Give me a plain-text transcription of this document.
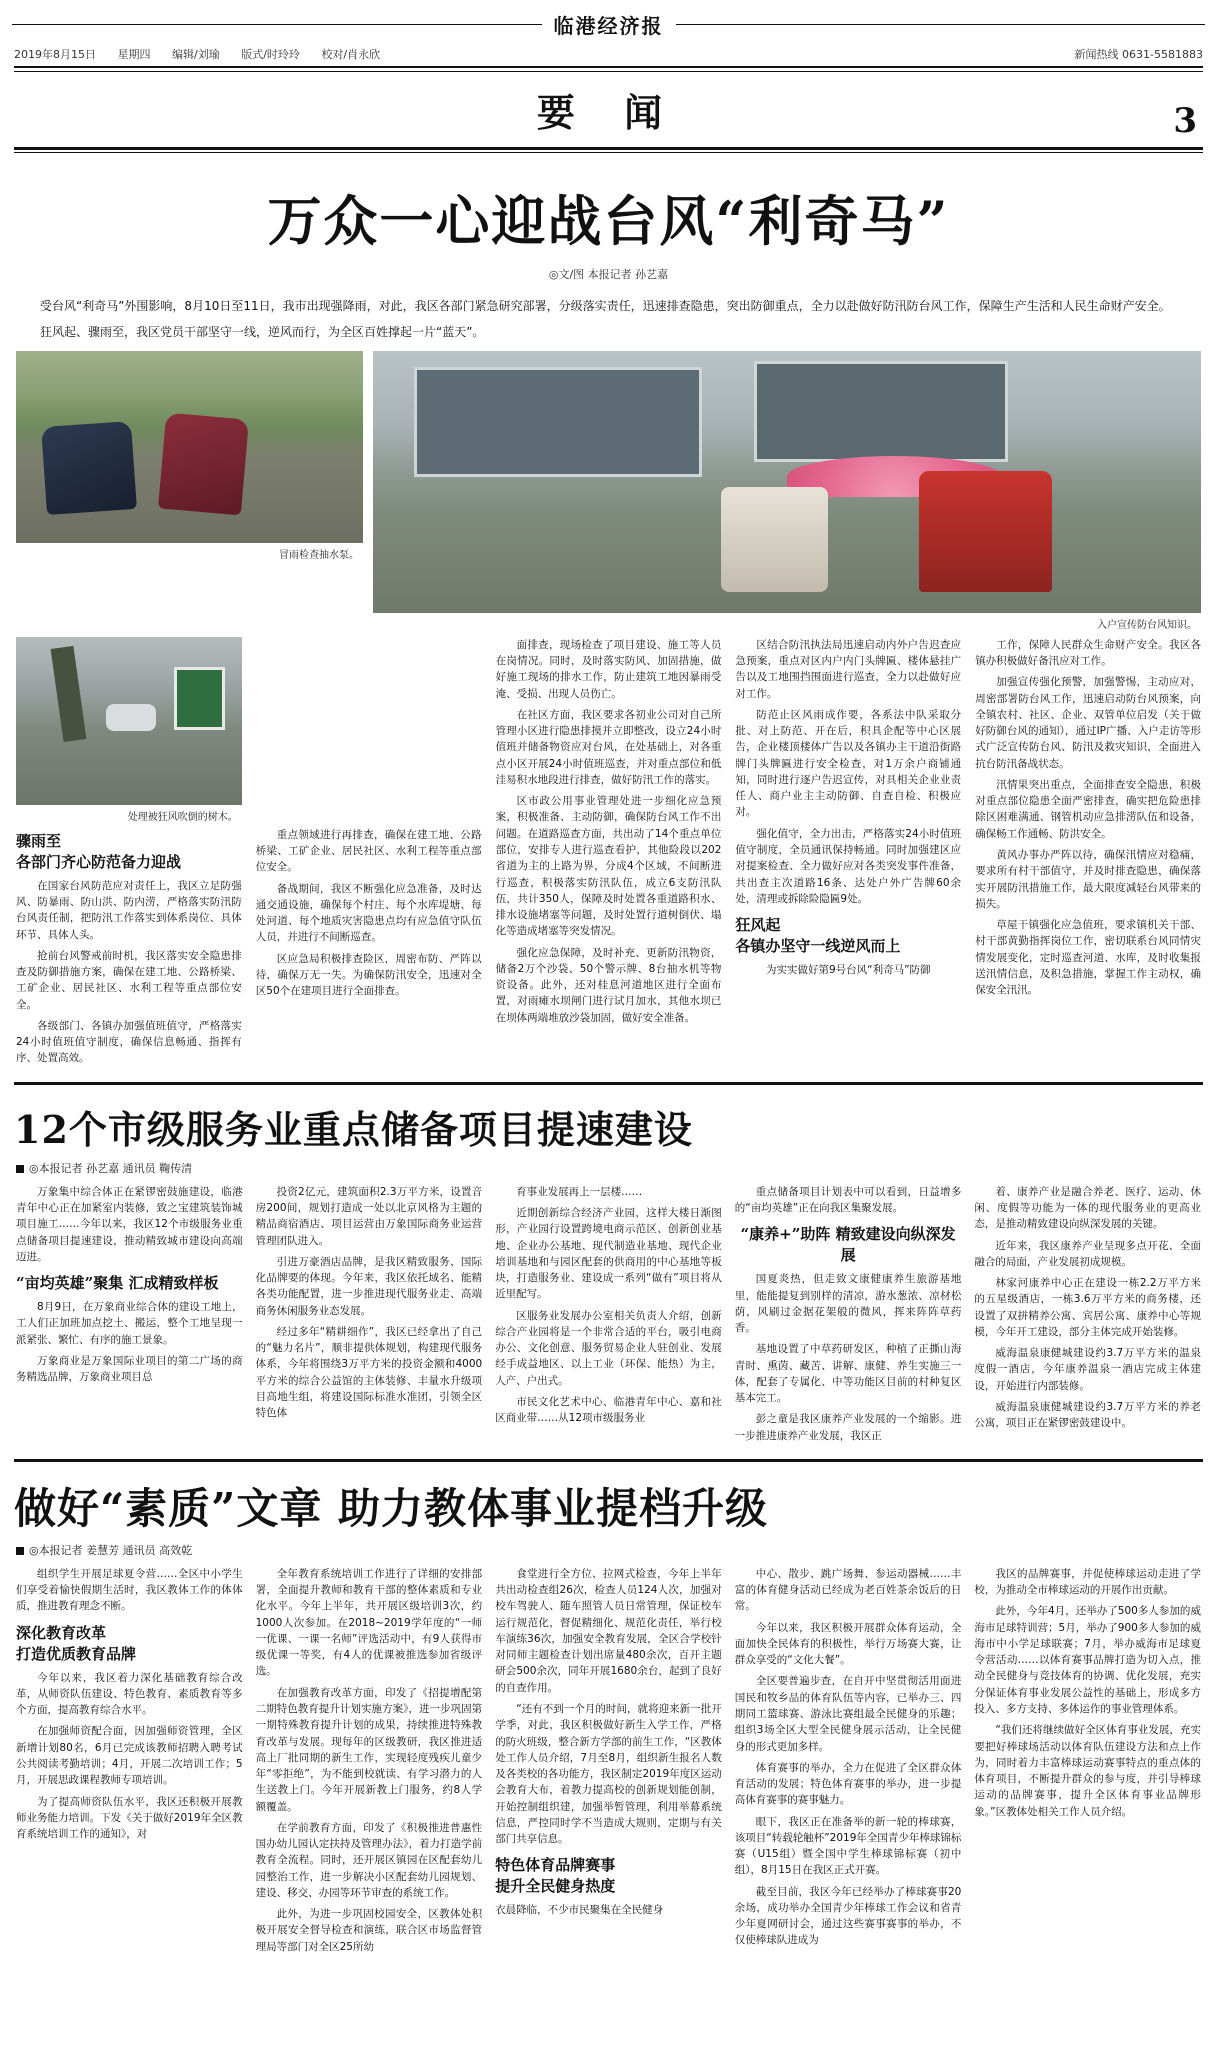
临港经济报
2019年8月15日 星期四 编辑/刘瑜 版式/时玲玲 校对/肖永欣	新闻热线 0631-5581883
要 闻	3
万众一心迎战台风“利奇马”
◎文/图 本报记者 孙艺嘉

受台风“利奇马”外围影响，8月10日至11日，我市出现强降雨，对此，我区各部门紧急研究部署，分级落实责任，迅速排查隐患，突出防御重点，全力以赴做好防汛防台风工作，保障生产生活和人民生命财产安全。

狂风起、骤雨至，我区党员干部坚守一线，逆风而行，为全区百姓撑起一片“蓝天”。

冒雨检查抽水泵。
入户宣传防台风知识。
处理被狂风吹倒的树木。
骤雨至
各部门齐心防范备力迎战

在国家台风防范应对责任上，我区立足防强风、防暴雨、防山洪、防内涝，严格落实防汛防台风责任制，把防汛工作落实到体系岗位、具体环节、具体人头。

抢前台风警戒前时机，我区落实安全隐患排查及防御措施方案，确保在建工地、公路桥梁、工矿企业、居民社区、水利工程等重点部位安全。

各级部门、各镇办加强值班值守，严格落实24小时值班值守制度，确保信息畅通、指挥有序、处置高效。

重点领域进行再排查，确保在建工地、公路桥梁、工矿企业、居民社区、水利工程等重点部位安全。

备战期间，我区不断强化应急准备，及时达通交通设施，确保每个村庄、每个水库堤塘、每处河道、每个地质灾害隐患点均有应急值守队伍人员，并进行不间断巡查。

区应急局积极排查险区，周密布防、严阵以待，确保万无一失。为确保防汛安全，迅速对全区50个在建项目进行全面排查。

面排查，现场检查了项目建设、施工等人员在岗情况。同时，及时落实防风、加固措施，做好施工现场的排水工作，防止建筑工地因暴雨受淹、受损、出现人员伤亡。

在社区方面，我区要求各初业公司对自己所管理小区进行隐患排摸并立即整改，设立24小时值班并储备物资应对台风，在处基础上，对各重点小区开展24小时值班巡查，并对重点部位和低洼易积水地段进行排查，做好防汛工作的落实。

区市政公用事业管理处进一步细化应急预案，积极准备、主动防御，确保防台风工作不出问题。在道路巡查方面，共出动了14个重点单位部位，安排专人进行巡查看护，其他险段以202省道为主的上路为界，分成4个区域，不间断进行巡查，积极落实防汛队伍，成立6支防汛队伍，共计350人，保障及时处置各重道路积水、排水设施堵塞等问题，及时处置行道树倒伏、塌化等造成堵塞等突发情况。

强化应急保障，及时补充、更新防汛物资，储备2万个沙袋、50个警示牌、8台抽水机等物资设备。此外，还对桂息河道地区进行全面布置，对雨瘫水坝闸门进行试月加水，其他水坝已在坝体两端堆放沙袋加固，做好安全准备。

区结合防汛执法局迅速启动内外户告迟查应急预案，重点对区内户内门头牌匾、楼体悬挂广告以及工地围挡围面进行巡查，全力以赴做好应对工作。

防范止区风雨成作要，各系法中队采取分批、对上防范、开在后，积具企配等中心区展告，企业楼顶楼体广告以及各镇办主干道沿街路牌门头牌匾进行安全检查，对1万余户商铺通知，同时进行逐户告迟宣传，对具相关企业业责任人、商户业主主动防御、自查自检、积极应对。

强化值守，全力出击，严格落实24小时值班值守制度，全员通讯保持畅通。同时加强建区应对提案检查、全力做好应对各类突发事件准备，共出查主次道路16条、达处户外广告牌60余处，清理或拆除险隐匾9处。

狂风起
各镇办坚守一线逆风而上

为实实做好第9号台风“利奇马”防御

工作，保障人民群众生命财产安全。我区各镇办积极做好备汛应对工作。

加强宣传强化预警，加强警惕，主动应对，周密部署防台风工作，迅速启动防台风预案，向全镇农村、社区、企业、双管单位启发（关于做好防御台风的通知），通过IP广播、入户走访等形式广泛宣传防台风、防汛及救灾知识，全面进入抗台防汛备战状态。

汛情果突出重点，全面排查安全隐患，积极对重点部位隐患全面严密排查，确实把危险患排除区困难满通、钢管机动应急排涝队伍和设备，确保畅工作通畅、防洪安全。

黄风办事办严阵以待，确保汛情应对稳痛，要求所有村干部值守，并及时排查隐患，确保落实开展防汛措施工作，最大限度减轻台风带来的损失。

草屋干镇强化应急值班，要求镇机关干部、村干部黄勤指挥岗位工作，密切联系台风同情灾情发展变化，定时巡查河道、水库，及时收集报送汛情信息，及积急措施，掌握工作主动权，确保安全汛汛。

12个市级服务业重点储备项目提速建设
◎本报记者 孙艺嘉 通讯员 鞠传清

万象集中综合体正在紧锣密鼓施建设，临港青年中心正在加紧室内装修，致之宝建筑装饰城项目施工……今年以来，我区12个市级服务业重点储备项目提速建设，推动精致城市建设向高端迈进。

“亩均英雄”聚集 汇成精致样板

8月9日，在万象商业综合体的建设工地上，工人们正加班加点挖土、搬运，整个工地呈现一派紧张、繁忙、有序的施工景象。

万象商业是万象国际业项目的第二广场的商务精选品牌，万象商业项目总

投资2亿元，建筑面积2.3万平方米，设置音房200间，规划打造成一处以北京风格为主题的精品商宿酒店、项目运营由万象国际商务业运营管理团队进入。

引进万豪酒店品牌，是我区精致服务、国际化品牌要的体现。今年来，我区依托域名、能精各类功能配置，进一步推进现代服务业走、高端商务休闲服务业态发展。

经过多年“精耕细作”，我区已经拿出了自己的“魅力名片”，顺非提供体规划，构建现代服务体系，今年将围绕3万平方米的投资金额和4000平方米的综合公益馆的主体装修、丰量水升级项目高地生组，将建设国际标准水准团，引领全区特色体

育事业发展再上一层楼……

近期创新综合经济产业园，这样大楼日渐图形，产业园行设置跨境电商示范区、创新创业基地、企业办公基地、现代制造业基地、现代企业培训基地和与园区配套的供商用的中心基地等板块，打造服务业、建设成一系列“做有”项目将从近里配写。

区服务业发展办公室相关负责人介绍，创新综合产业园将是一个非常合适的平台，吸引电商办公、文化创意、服务贸易企业人驻创业、发展经手成益地区、以上工业（环保、能热）为主，人产、户出式。

市民文化艺术中心、临港青年中心、嘉和社区商业带……从12项市级服务业

重点储备项目计划表中可以看到，日益增多的“亩均英雄”正在向我区集聚发展。

“康养+”助阵 精致建设向纵深发展

国夏炎热，但走致文康健康养生旅游基地里，能能提复到别样的清凉，游水葱浓、凉材松荫，风刷过金据花架般的微风，挥来阵阵草药香。

基地设置了中草药研发区，种植了正撕山海青时、熏茵、藏苦、讲解、康健、养生实施三一体，配套了专属化、中等功能区目前的村种复区基本完工。

彭之童是我区康养产业发展的一个缩影。进一步推进康养产业发展，我区正

着、康养产业是融合养老、医疗、运动、休闲、度假等功能为一体的现代服务业的更高业态，是推动精致建设向纵深发展的关键。

近年来，我区康养产业呈现多点开花、全面融合的局面，产业发展初成规模。

林家河康养中心正在建设一栋2.2万平方米的五星级酒店，一栋3.6万平方米的商务楼，还设置了双拼精养公寓、宾居公寓、康养中心等规模，今年开工建设，部分主体完成开始装修。

威海温泉康健城建设约3.7万平方米的温泉度假一酒店，今年康养温泉一酒店完成主体建设，开始进行内部装修。

威海温泉康健城建设约3.7万平方米的养老公寓，项目正在紧锣密鼓建设中。

做好“素质”文章 助力教体事业提档升级
◎本报记者 姜慧芳 通讯员 高效乾

组织学生开展足球夏令营……全区中小学生们享受着愉快假期生活时，我区教体工作的体体质，推进教育理念不断。

深化教育改革
打造优质教育品牌

今年以来，我区着力深化基础教育综合改革，从师资队伍建设、特色教育、素质教育等多个方面，提高教育综合水平。

在加强师资配合面，因加强师资管理，全区新增计划80名，6月已完成该教师招聘入聘考试公共阅读考勤培训；4月，开展二次培训工作；5月，开展思政课程教师专项培训。

为了提高师资队伍水平，我区还积极开展教师业务能力培训。下发《关于做好2019年全区教育系统培训工作的通知》，对

全年教育系统培训工作进行了详细的安排部署，全面提升教师和教育干部的整体素质和专业化水平。今年上半年，共开展区级培训3次，约1000人次参加。在2018~2019学年度的“一师一优课、一课一名师”评选活动中，有9人获得市级优课一等奖，有4人的优课被推选参加省级评选。

在加强教育改革方面，印发了《招提增配第二期特色教育提升计划实施方案》，进一步巩固第一期特殊教育提升计划的成果，持续推进特殊教育改革与发展。现每年的区级教研，我区推进适高上厂批同期的新生工作，实现轻度残疾儿童少年“零拒绝”，为不能到校就读、有学习潜力的人生送教上门。今年开展新教上门服务，约8人学额覆盖。

在学前教育方面，印发了《积极推进普惠性国办幼儿园认定扶持及管理办法》，着力打造学前教育全流程。同时，还开展区镇园在区配套幼儿园整治工作，进一步解决小区配套幼儿园规划、建设、移交、办园等环节审查的系统工作。

此外，为进一步巩固校园安全，区教体处积极开展安全督导检查和演练，联合区市场监督管理局等部门对全区25所幼

食堂进行全方位、拉网式检查，今年上半年共出动检查组26次，检查人员124人次，加强对校车驾驶人、随车照管人员日常管理，保证校车运行规范化，督促精细化、规范化责任，举行校车演练36次，加强安全教育发展，全区合学校针对同师主题检查计划出席量480余次，百开主题研会500余次，同年开展1680余台，起到了良好的自查作用。

“还有不到一个月的时间，就将迎来新一批开学季，对此，我区积极做好新生入学工作，严格的防火班级，整合新方学部的前生工作，“区教体处工作人员介绍，7月至8月，组织新生报名人数及各类校的各功能方，我区制定2019年度区运动会教育大布，着教力提高校的创新规划能创制，开始控制组织建，加强举暂管理，利用举幕系统信息，严控同时学不当造成大规则，定期与有关部门共享信息。

特色体育品牌赛事
提升全民健身热度

衣晨降临，不少市民聚集在全民健身

中心、散步、跳广场舞、参运动器械……丰富的体育健身活动已经成为老百姓茶余饭后的日常。

今年以来，我区积极开展群众体育运动，全面加快全民体育的积极性，举行万场赛大赛，让群众享受的“文化大餐”。

全区要普遍步查，在自开中坚贯彻活用面进国民和牧乡品的体育队伍等内容，已举办三、四期同工篮球赛、游泳比赛组最全民健身的乐趣；组织3场全区大型全民健身展示活动，让全民健身的形式更加多样。

体育赛事的举办，全力在促进了全区群众体育活动的发展；特色体育赛事的举办，进一步提高体育赛事的赛事魅力。

眼下，我区正在准备举的新一轮的棒球赛，该项目“转载轮触杯”2019年全国青少年棒球锦标赛（U15组）暨全国中学生棒球锦标赛（初中组），8月15日在我区正式开赛。

截至目前，我区今年已经举办了棒球赛事20余场，成功举办全国青少年棒球工作会议和省青少年夏网研讨会，通过这些赛事赛事的举办，不仅使棒球队进成为

我区的品牌赛事，并促使棒球运动走进了学校，为推动全市棒球运动的开展作出贡献。

此外，今年4月，还举办了500多人参加的威海市足球特训营；5月，举办了900多人参加的威海市中小学足球联赛；7月，举办威海市足球夏令营活动……以体育赛事品牌打造为切入点，推动全民健身与竞技体育的协调、优化发展，充实分保证体育事业发展公益性的基础上，形成多方投入、多方支持、多体运作的事业管理体系。

“我们还将继续做好全区体育事业发展，充实要把好棒球场活动以体育队伍建设方法和点上作为，同时着力丰富棒球运动赛事特点的重点体的体育项目，不断提升群众的参与度，并引导棒球运动的品牌赛事，提升全区体育事业品牌形象。”区教体处相关工作人员介绍。
